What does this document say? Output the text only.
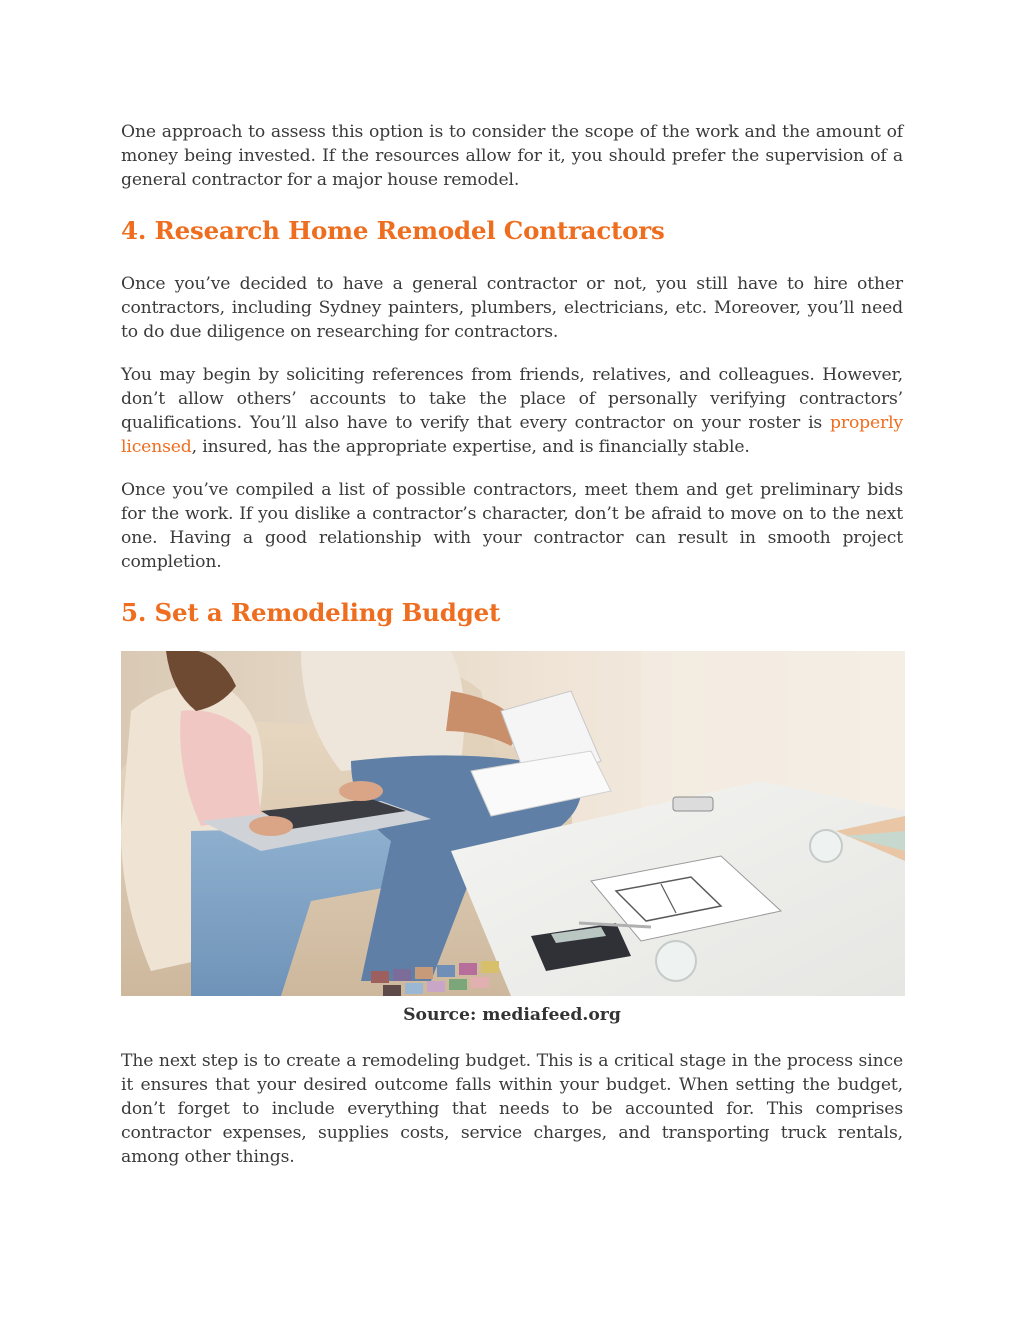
One approach to assess this option is to consider the scope of the work and the amount of money being invested. If the resources allow for it, you should prefer the supervision of a general contractor for a major house remodel.

4. Research Home Remodel Contractors

Once you’ve decided to have a general contractor or not, you still have to hire other contractors, including Sydney painters, plumbers, electricians, etc. Moreover, you’ll need to do due diligence on researching for contractors.

You may begin by soliciting references from friends, relatives, and colleagues. However, don’t allow others’ accounts to take the place of personally verifying contractors’ qualifications. You’ll also have to verify that every contractor on your roster is properly licensed, insured, has the appropriate expertise, and is financially stable.

Once you’ve compiled a list of possible contractors, meet them and get preliminary bids for the work. If you dislike a contractor’s character, don’t be afraid to move on to the next one. Having a good relationship with your contractor can result in smooth project completion.

5. Set a Remodeling Budget
Source: mediafeed.org

The next step is to create a remodeling budget. This is a critical stage in the process since it ensures that your desired outcome falls within your budget. When setting the budget, don’t forget to include everything that needs to be accounted for. This comprises contractor expenses, supplies costs, service charges, and transporting truck rentals, among other things.
